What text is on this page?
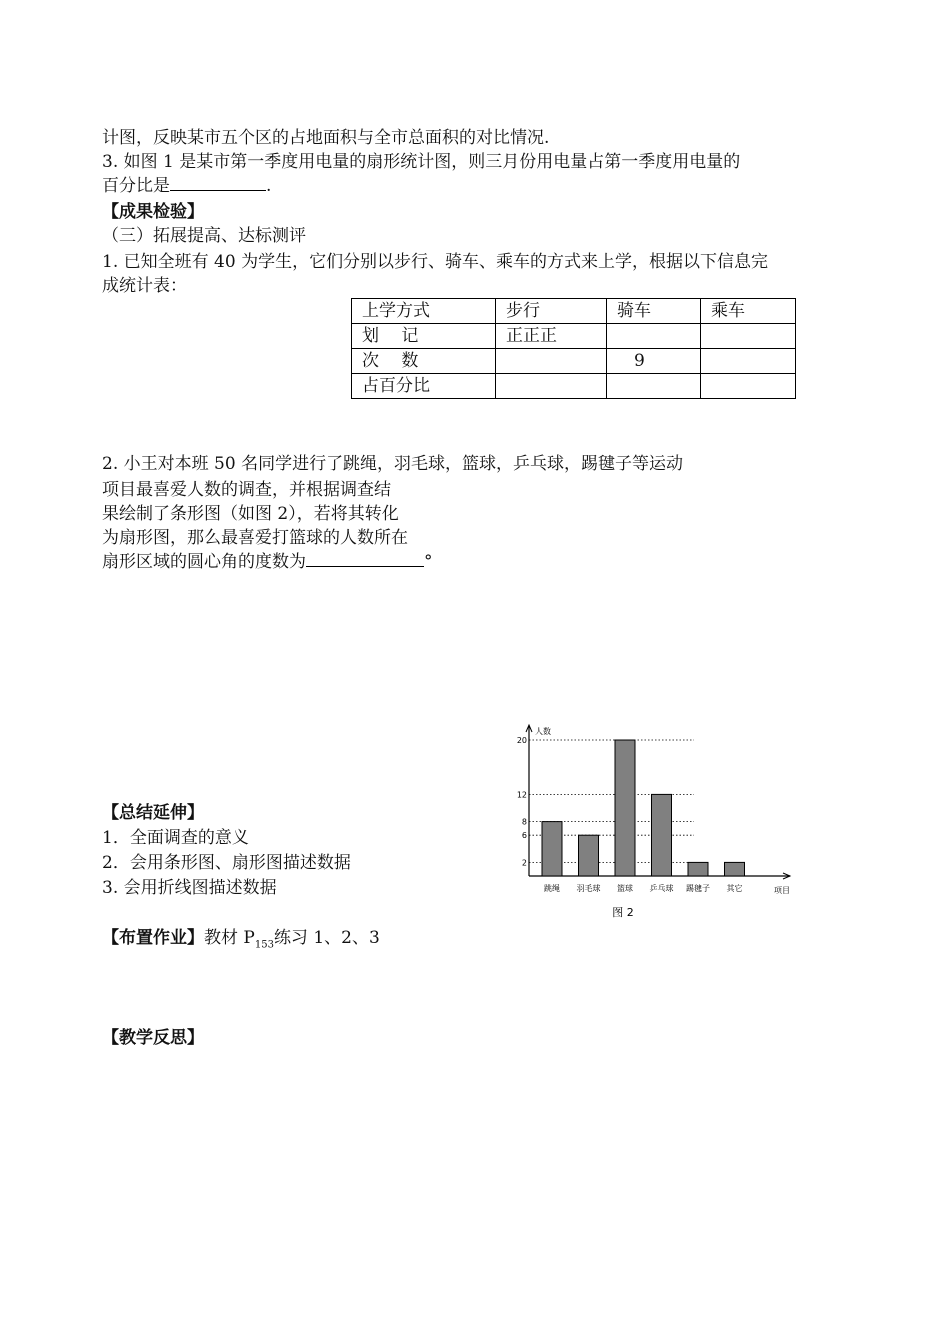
计图，反映某市五个区的占地面积与全市总面积的对比情况.
3. 如图 1 是某市第一季度用电量的扇形统计图，则三月份用电量占第一季度用电量的
百分比是	.
【成果检验】
（三）拓展提高、达标测评
1. 已知全班有 40 为学生，它们分别以步行、骑车、乘车的方式来上学，根据以下信息完
成统计表：
上学方式	步行	骑车	乘车
划　 记	正正正		
次　 数		　9	
占百分比			
2. 小王对本班 50 名同学进行了跳绳，羽毛球，篮球，乒乓球，踢毽子等运动
项目最喜爱人数的调查，并根据调查结
果绘制了条形图（如图 2），若将其转化
为扇形图，那么最喜爱打篮球的人数所在
扇形区域的圆心角的度数为	°
【总结延伸】
1．全面调查的意义
2．会用条形图、扇形图描述数据
3. 会用折线图描述数据
【布置作业】教材 $P_{153}$练习 1、2、3
【教学反思】
人数
项目
2
6
8
12
20
跳绳 羽毛球 篮球 乒乓球 踢毽子 其它
图 2
